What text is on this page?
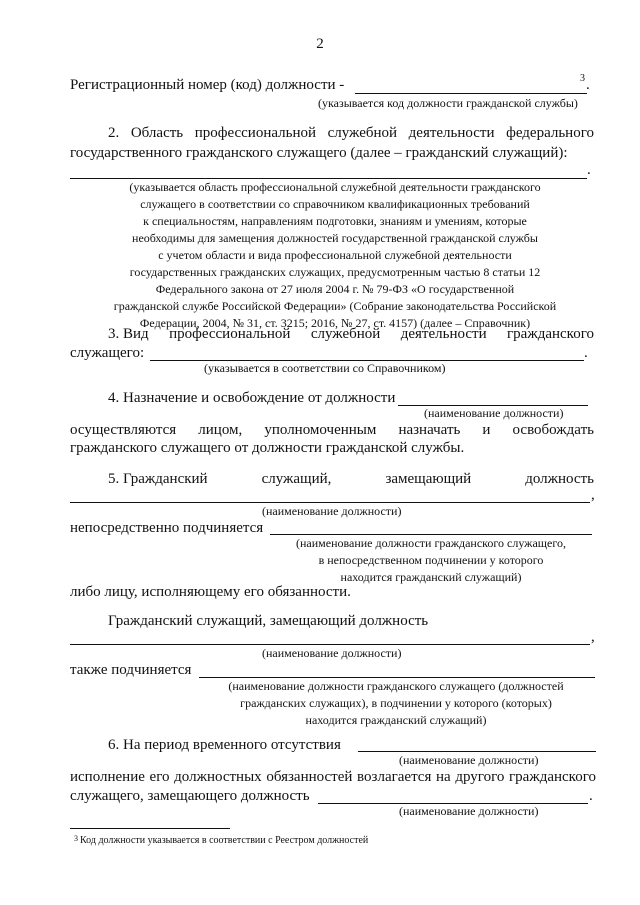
2
Регистрационный номер (код) должности -	3 .
(указывается код должности гражданской службы)
2. Область профессиональной служебной деятельности федерального
государственного гражданского служащего (далее – гражданский служащий):
.
(указывается область профессиональной служебной деятельности гражданского
служащего в соответствии со справочником квалификационных требований
к специальностям, направлениям подготовки, знаниям и умениям, которые
необходимы для замещения должностей государственной гражданской службы
с учетом области и вида профессиональной служебной деятельности
государственных гражданских служащих, предусмотренным частью 8 статьи 12
Федерального закона от 27 июля 2004 г. № 79-ФЗ «О государственной
гражданской службе Российской Федерации» (Собрание законодательства Российской
Федерации, 2004, № 31, ст. 3215; 2016, № 27, ст. 4157) (далее – Справочник)
3. Вид профессиональной служебной деятельности гражданского
служащего:	.
(указывается в соответствии со Справочником)
4. Назначение и освобождение от должности
(наименование должности)
осуществляются лицом, уполномоченным назначать и освобождать
гражданского служащего от должности гражданской службы.
5. Гражданский	служащий,	замещающий	должность
,
(наименование должности)
непосредственно подчиняется
(наименование должности гражданского служащего,
в непосредственном подчинении у которого
находится гражданский служащий)
либо лицу, исполняющему его обязанности.
Гражданский служащий, замещающий должность
,
(наименование должности)
также подчиняется
(наименование должности гражданского служащего (должностей
гражданских служащих), в подчинении у которого (которых)
находится гражданский служащий)
6. На период временного отсутствия
(наименование должности)
исполнение его должностных обязанностей возлагается на другого гражданского
служащего, замещающего должность	.
(наименование должности)
3 Код должности указывается в соответствии с Реестром должностей
